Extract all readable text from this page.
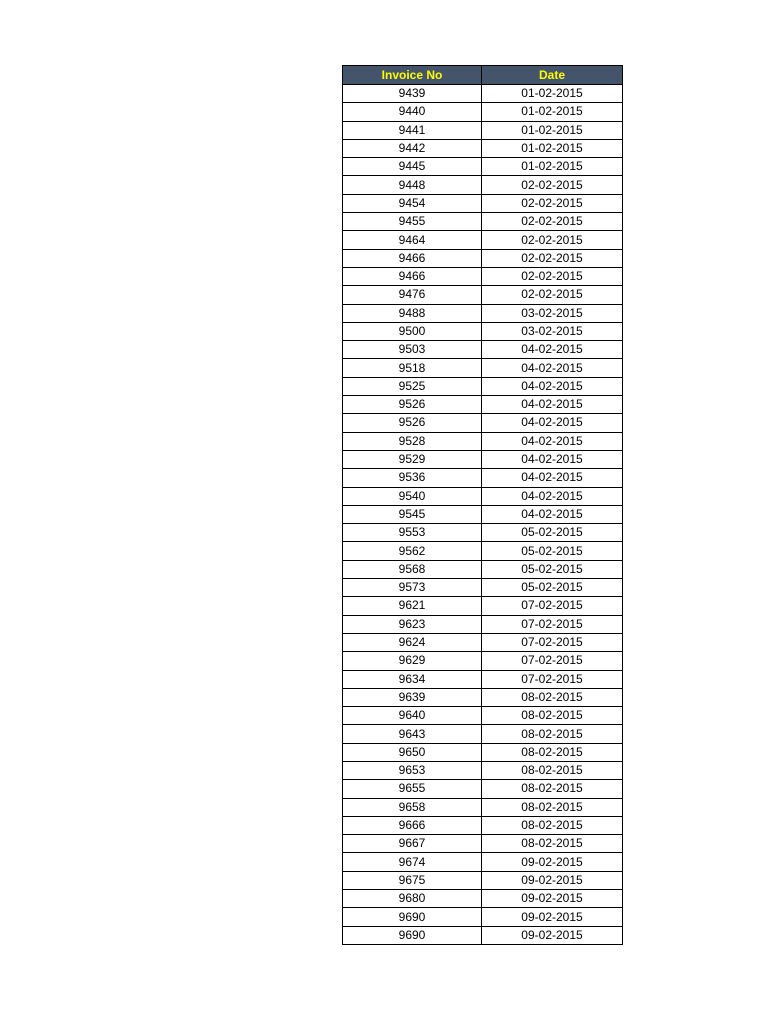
Invoice No	Date
9439	01-02-2015
9440	01-02-2015
9441	01-02-2015
9442	01-02-2015
9445	01-02-2015
9448	02-02-2015
9454	02-02-2015
9455	02-02-2015
9464	02-02-2015
9466	02-02-2015
9466	02-02-2015
9476	02-02-2015
9488	03-02-2015
9500	03-02-2015
9503	04-02-2015
9518	04-02-2015
9525	04-02-2015
9526	04-02-2015
9526	04-02-2015
9528	04-02-2015
9529	04-02-2015
9536	04-02-2015
9540	04-02-2015
9545	04-02-2015
9553	05-02-2015
9562	05-02-2015
9568	05-02-2015
9573	05-02-2015
9621	07-02-2015
9623	07-02-2015
9624	07-02-2015
9629	07-02-2015
9634	07-02-2015
9639	08-02-2015
9640	08-02-2015
9643	08-02-2015
9650	08-02-2015
9653	08-02-2015
9655	08-02-2015
9658	08-02-2015
9666	08-02-2015
9667	08-02-2015
9674	09-02-2015
9675	09-02-2015
9680	09-02-2015
9690	09-02-2015
9690	09-02-2015
